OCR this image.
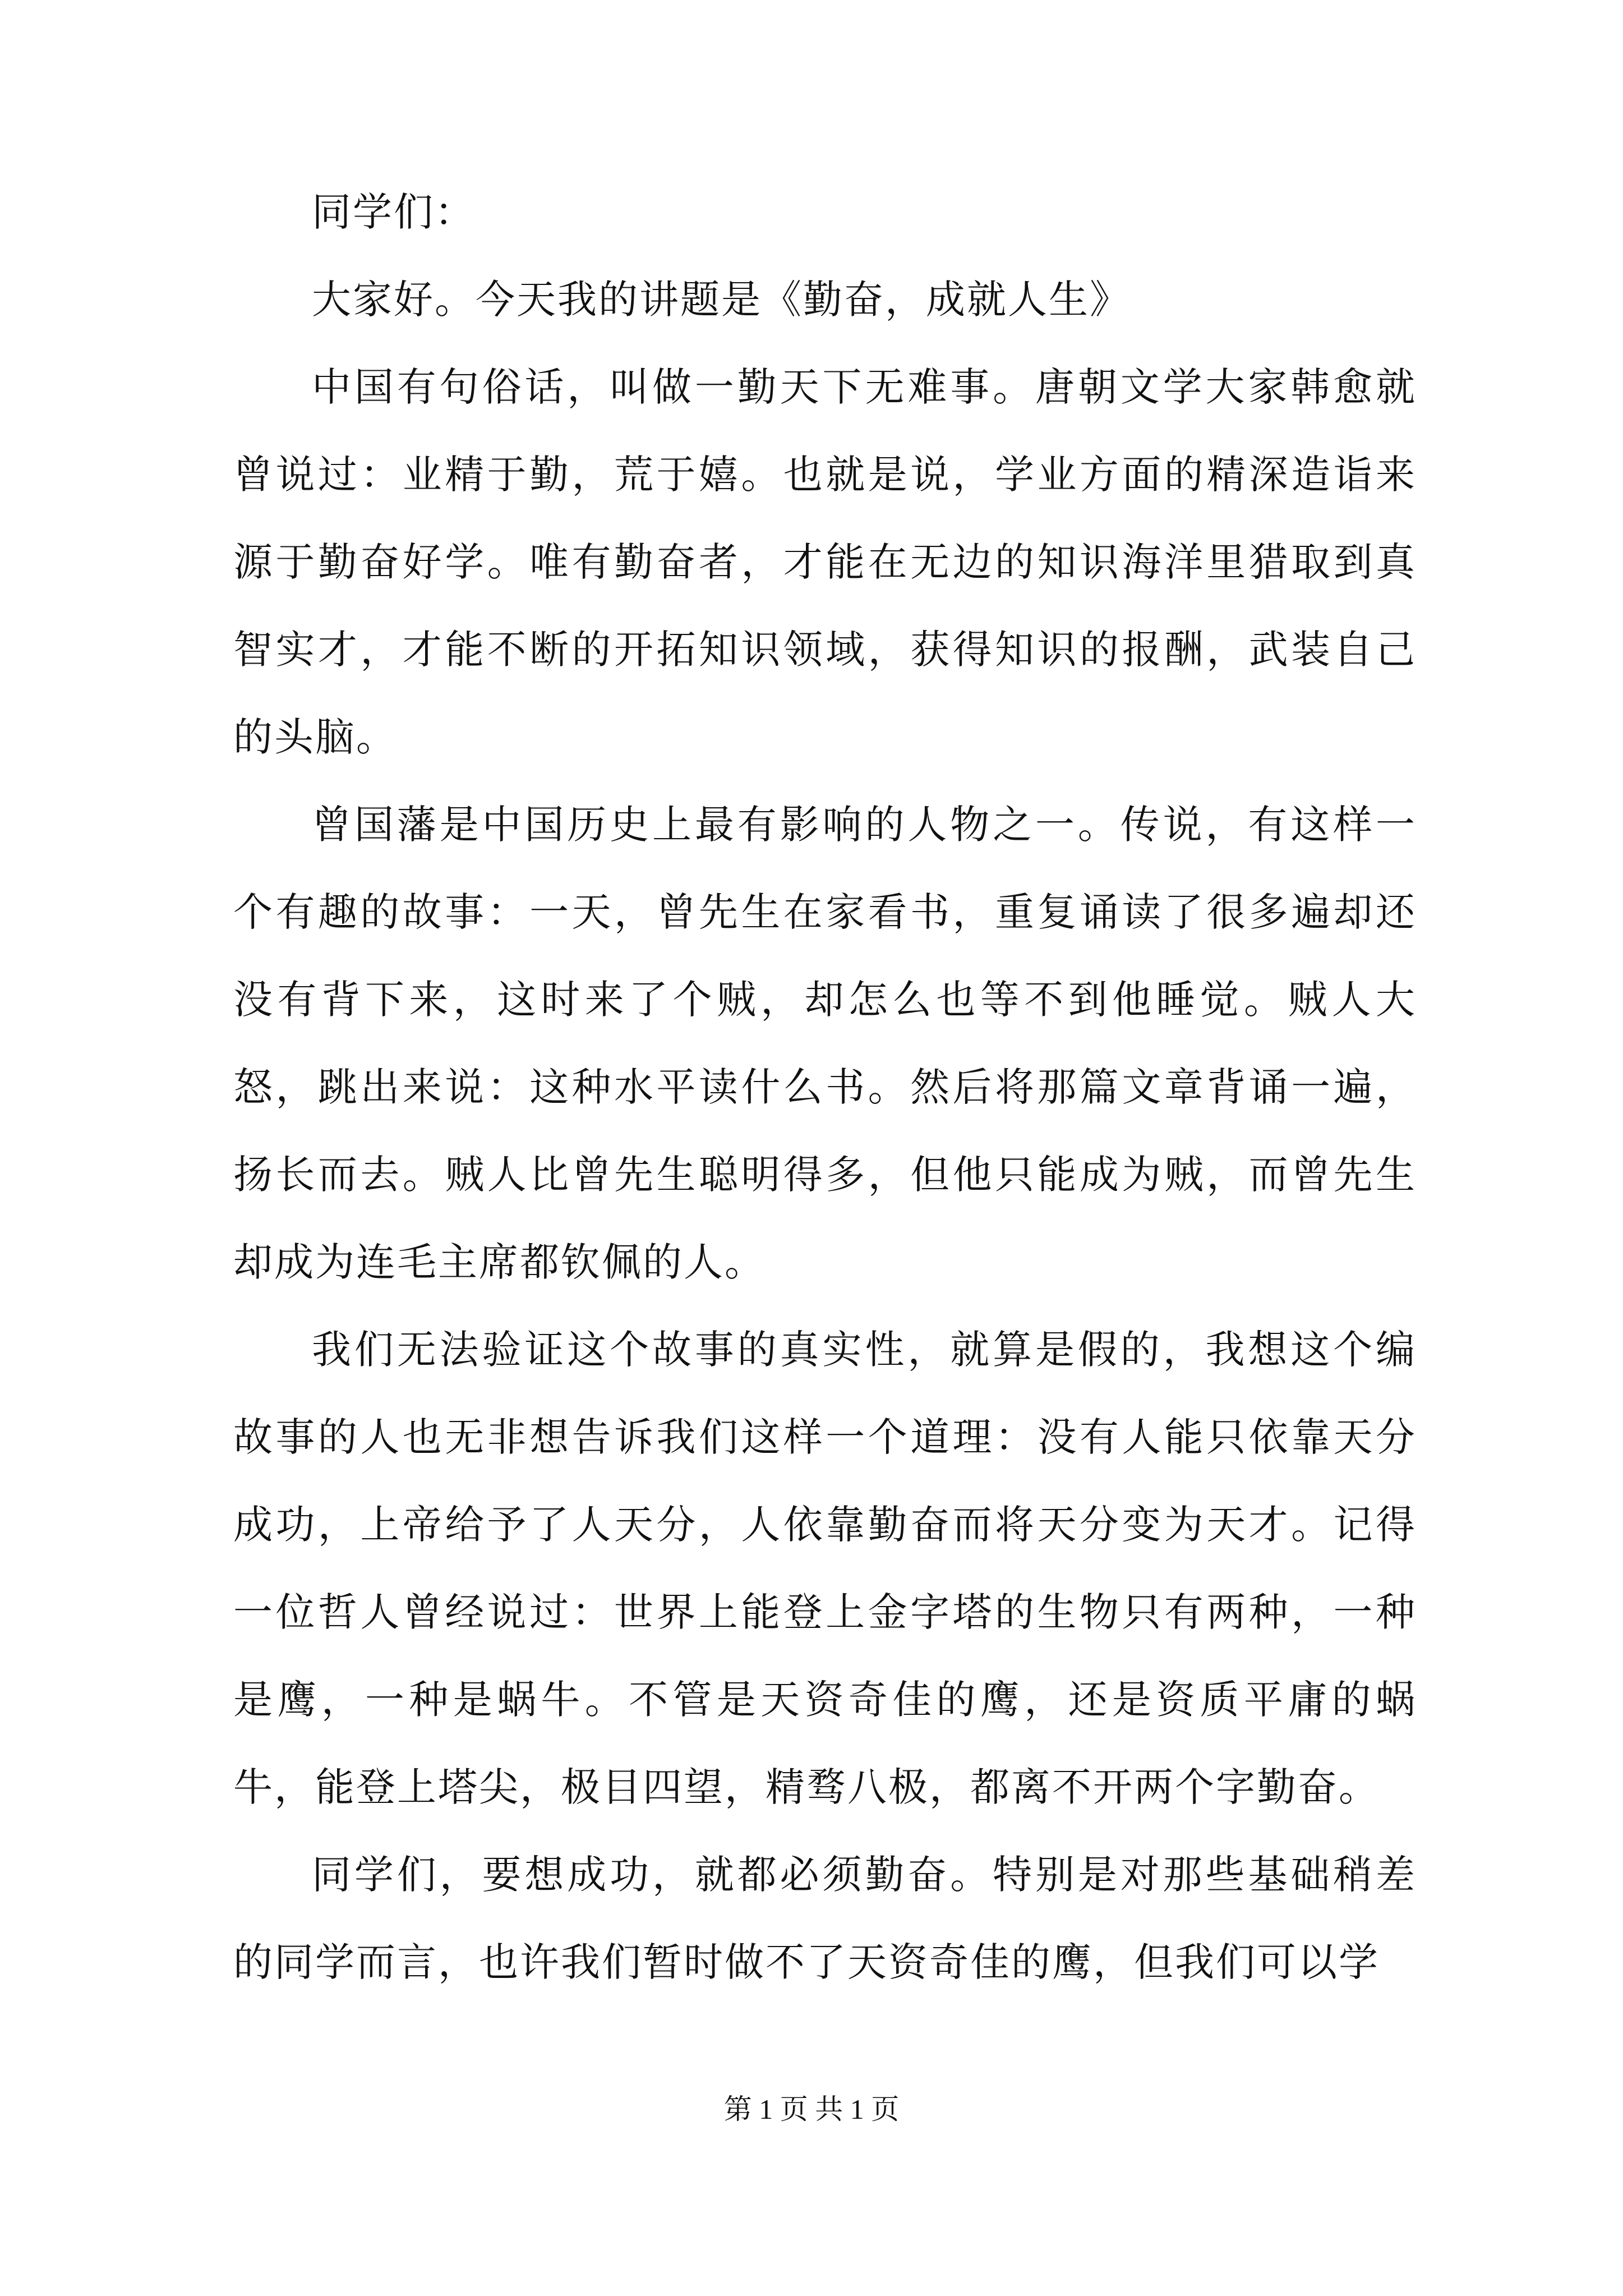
同学们：

大家好。今天我的讲题是《勤奋，成就人生》

中国有句俗话，叫做一勤天下无难事。唐朝文学大家韩愈就曾说过：业精于勤，荒于嬉。也就是说，学业方面的精深造诣来源于勤奋好学。唯有勤奋者，才能在无边的知识海洋里猎取到真智实才，才能不断的开拓知识领域，获得知识的报酬，武装自己的头脑。

曾国藩是中国历史上最有影响的人物之一。传说，有这样一个有趣的故事：一天，曾先生在家看书，重复诵读了很多遍却还没有背下来，这时来了个贼，却怎么也等不到他睡觉。贼人大怒，跳出来说：这种水平读什么书。然后将那篇文章背诵一遍，扬长而去。贼人比曾先生聪明得多，但他只能成为贼，而曾先生却成为连毛主席都钦佩的人。

我们无法验证这个故事的真实性，就算是假的，我想这个编故事的人也无非想告诉我们这样一个道理：没有人能只依靠天分成功，上帝给予了人天分，人依靠勤奋而将天分变为天才。记得一位哲人曾经说过：世界上能登上金字塔的生物只有两种，一种是鹰，一种是蜗牛。不管是天资奇佳的鹰，还是资质平庸的蜗牛，能登上塔尖，极目四望，精骛八极，都离不开两个字勤奋。

同学们，要想成功，就都必须勤奋。特别是对那些基础稍差的同学而言，也许我们暂时做不了天资奇佳的鹰，但我们可以学

第 1 页 共 1 页
